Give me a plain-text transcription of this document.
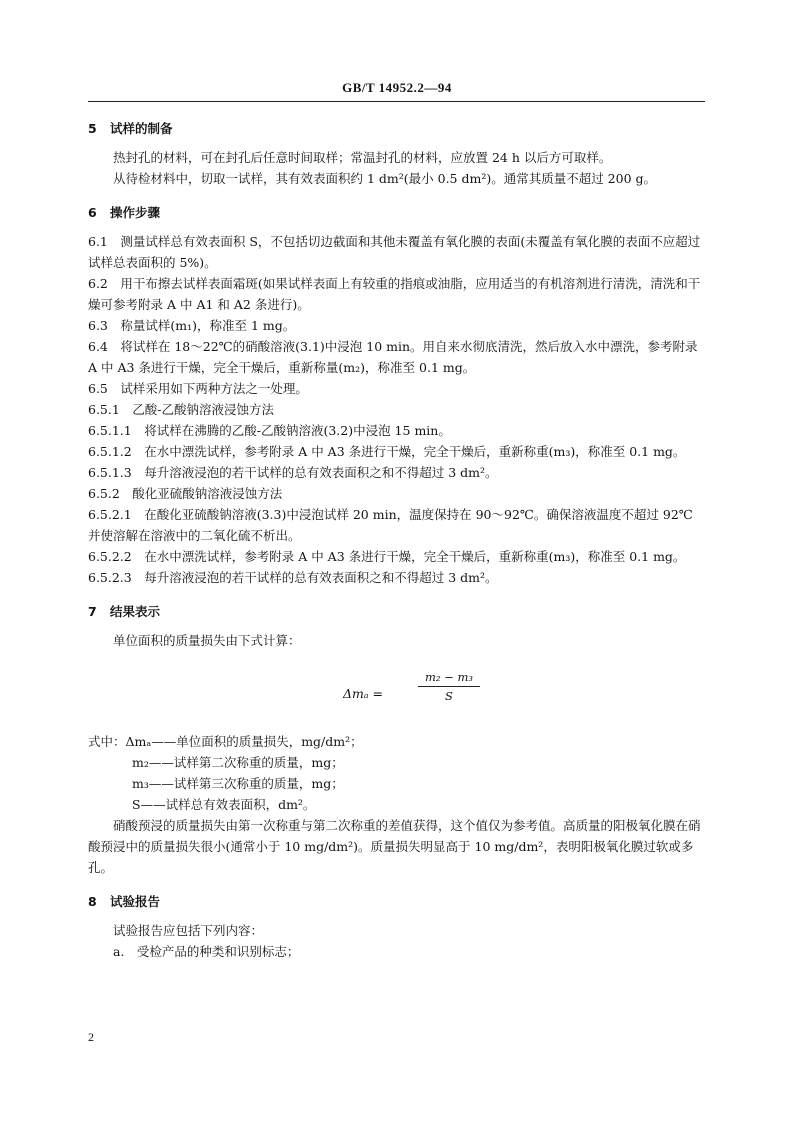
GB/T 14952.2—94
5 试样的制备

热封孔的材料，可在封孔后任意时间取样；常温封孔的材料，应放置 24 h 以后方可取样。

从待检材料中，切取一试样，其有效表面积约 1 dm²(最小 0.5 dm²)。通常其质量不超过 200 g。

6 操作步骤

6.1　测量试样总有效表面积 S，不包括切边截面和其他未覆盖有氧化膜的表面(未覆盖有氧化膜的表面不应超过试样总表面积的 5%)。

6.2　用干布擦去试样表面霜斑(如果试样表面上有较重的指痕或油脂，应用适当的有机溶剂进行清洗，清洗和干燥可参考附录 A 中 A1 和 A2 条进行)。

6.3　称量试样(m₁)，称准至 1 mg。

6.4　将试样在 18～22℃的硝酸溶液(3.1)中浸泡 10 min。用自来水彻底清洗，然后放入水中漂洗，参考附录 A 中 A3 条进行干燥，完全干燥后，重新称量(m₂)，称准至 0.1 mg。

6.5　试样采用如下两种方法之一处理。

6.5.1　乙酸-乙酸钠溶液浸蚀方法

6.5.1.1　将试样在沸腾的乙酸-乙酸钠溶液(3.2)中浸泡 15 min。

6.5.1.2　在水中漂洗试样，参考附录 A 中 A3 条进行干燥，完全干燥后，重新称重(m₃)，称准至 0.1 mg。

6.5.1.3　每升溶液浸泡的若干试样的总有效表面积之和不得超过 3 dm²。

6.5.2　酸化亚硫酸钠溶液浸蚀方法

6.5.2.1　在酸化亚硫酸钠溶液(3.3)中浸泡试样 20 min，温度保持在 90～92℃。确保溶液温度不超过 92℃并使溶解在溶液中的二氧化硫不析出。

6.5.2.2　在水中漂洗试样，参考附录 A 中 A3 条进行干燥，完全干燥后，重新称重(m₃)，称准至 0.1 mg。

6.5.2.3　每升溶液浸泡的若干试样的总有效表面积之和不得超过 3 dm²。

7 结果表示

单位面积的质量损失由下式计算：

Δmₐ =
m₂ − m₃
S

式中：Δmₐ——单位面积的质量损失，mg/dm²；

m₂——试样第二次称重的质量，mg；

m₃——试样第三次称重的质量，mg；

S——试样总有效表面积，dm²。

硝酸预浸的质量损失由第一次称重与第二次称重的差值获得，这个值仅为参考值。高质量的阳极氧化膜在硝酸预浸中的质量损失很小(通常小于 10 mg/dm²)。质量损失明显高于 10 mg/dm²，表明阳极氧化膜过软或多孔。

8 试验报告

试验报告应包括下列内容：

a.　受检产品的种类和识别标志；

2
